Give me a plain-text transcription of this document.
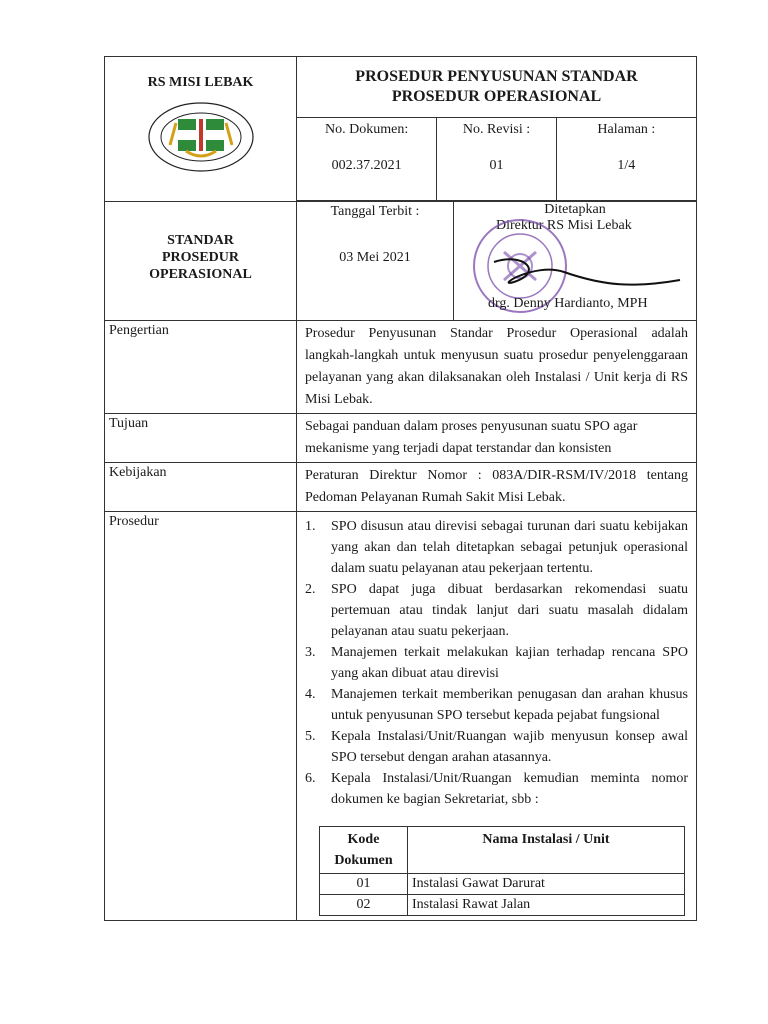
RS MISI LEBAK	PROSEDUR PENYUSUNAN STANDAR
PROSEDUR OPERASIONAL
No. Dokumen:
002.37.2021
No. Revisi :
01
Halaman :
1/4

STANDAR
PROSEDUR
OPERASIONAL

Tanggal Terbit :
03 Mei 2021
Ditetapkan
Direktur RS Misi Lebak
drg. Denny Hardianto, MPH

Pengertian	Prosedur Penyusunan Standar Prosedur Operasional adalah langkah-langkah untuk menyusun suatu prosedur penyelenggaraan pelayanan yang akan dilaksanakan oleh Instalasi / Unit kerja di RS Misi Lebak.
Tujuan	Sebagai panduan dalam proses penyusunan suatu SPO agar mekanisme yang terjadi dapat terstandar dan konsisten
Kebijakan	Peraturan Direktur Nomor : 083A/DIR-RSM/IV/2018 tentang Pedoman Pelayanan Rumah Sakit Misi Lebak.
Prosedur	1.	SPO disusun atau direvisi sebagai turunan dari suatu kebijakan yang akan dan telah ditetapkan sebagai petunjuk operasional dalam suatu pelayanan atau pekerjaan tertentu.
2.	SPO dapat juga dibuat berdasarkan rekomendasi suatu pertemuan atau tindak lanjut dari suatu masalah didalam pelayanan atau suatu pekerjaan.
3.	Manajemen terkait melakukan kajian terhadap rencana SPO yang akan dibuat atau direvisi
4.	Manajemen terkait memberikan penugasan dan arahan khusus untuk penyusunan SPO tersebut kepada pejabat fungsional
5.	Kepala Instalasi/Unit/Ruangan wajib menyusun konsep awal SPO tersebut dengan arahan atasannya.
6.	Kepala Instalasi/Unit/Ruangan kemudian meminta nomor dokumen ke bagian Sekretariat, sbb :
Kode Dokumen	Nama Instalasi / Unit
01	Instalasi Gawat Darurat
02	Instalasi Rawat Jalan
